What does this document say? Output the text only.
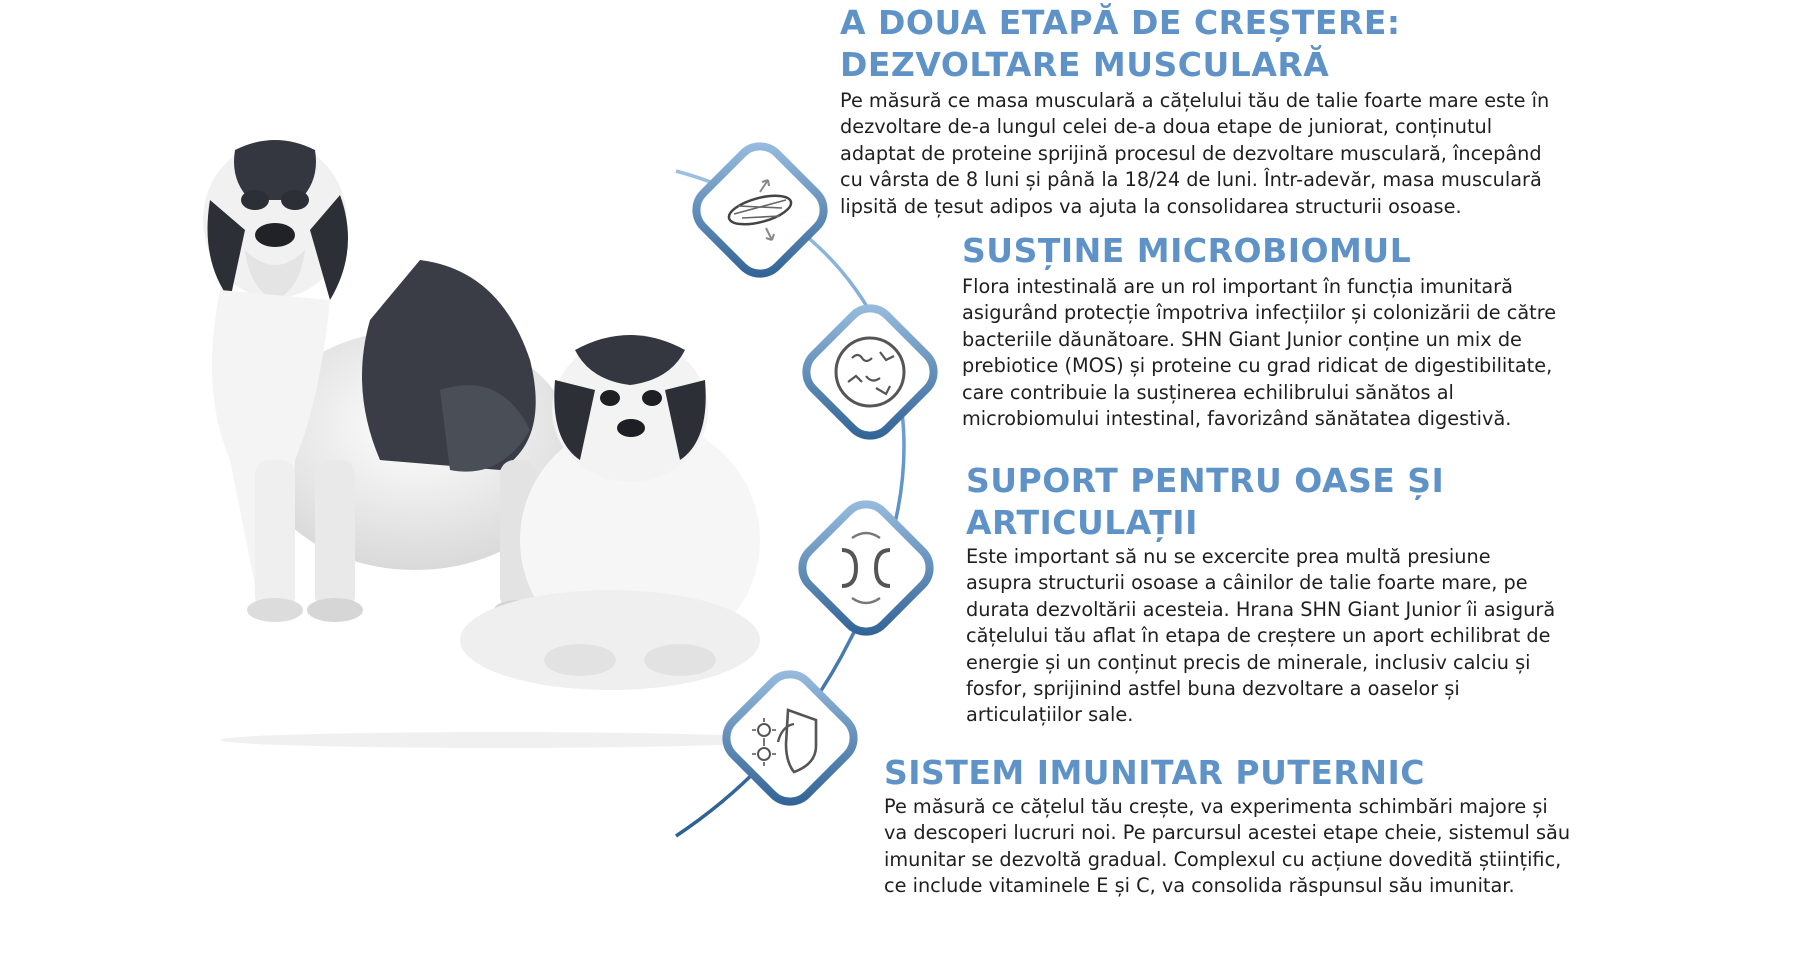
A DOUA ETAPĂ DE CREȘTERE:
DEZVOLTARE MUSCULARĂ
Pe măsură ce masa musculară a cățelului tău de talie foarte mare este în
dezvoltare de-a lungul celei de-a doua etape de juniorat, conținutul
adaptat de proteine sprijină procesul de dezvoltare musculară, începând
cu vârsta de 8 luni și până la 18/24 de luni. Într-adevăr, masa musculară
lipsită de țesut adipos va ajuta la consolidarea structurii osoase.
SUSȚINE MICROBIOMUL
Flora intestinală are un rol important în funcția imunitară
asigurând protecție împotriva infecțiilor și colonizării de către
bacteriile dăunătoare. SHN Giant Junior conține un mix de
prebiotice (MOS) și proteine cu grad ridicat de digestibilitate,
care contribuie la susținerea echilibrului sănătos al
microbiomului intestinal, favorizând sănătatea digestivă.
SUPORT PENTRU OASE ȘI
ARTICULAȚII
Este important să nu se excercite prea multă presiune
asupra structurii osoase a câinilor de talie foarte mare, pe
durata dezvoltării acesteia. Hrana SHN Giant Junior îi asigură
cățelului tău aflat în etapa de creștere un aport echilibrat de
energie și un conținut precis de minerale, inclusiv calciu și
fosfor, sprijinind astfel buna dezvoltare a oaselor și
articulațiilor sale.
SISTEM IMUNITAR PUTERNIC
Pe măsură ce cățelul tău crește, va experimenta schimbări majore și
va descoperi lucruri noi. Pe parcursul acestei etape cheie, sistemul său
imunitar se dezvoltă gradual. Complexul cu acțiune dovedită științific,
ce include vitaminele E și C, va consolida răspunsul său imunitar.
